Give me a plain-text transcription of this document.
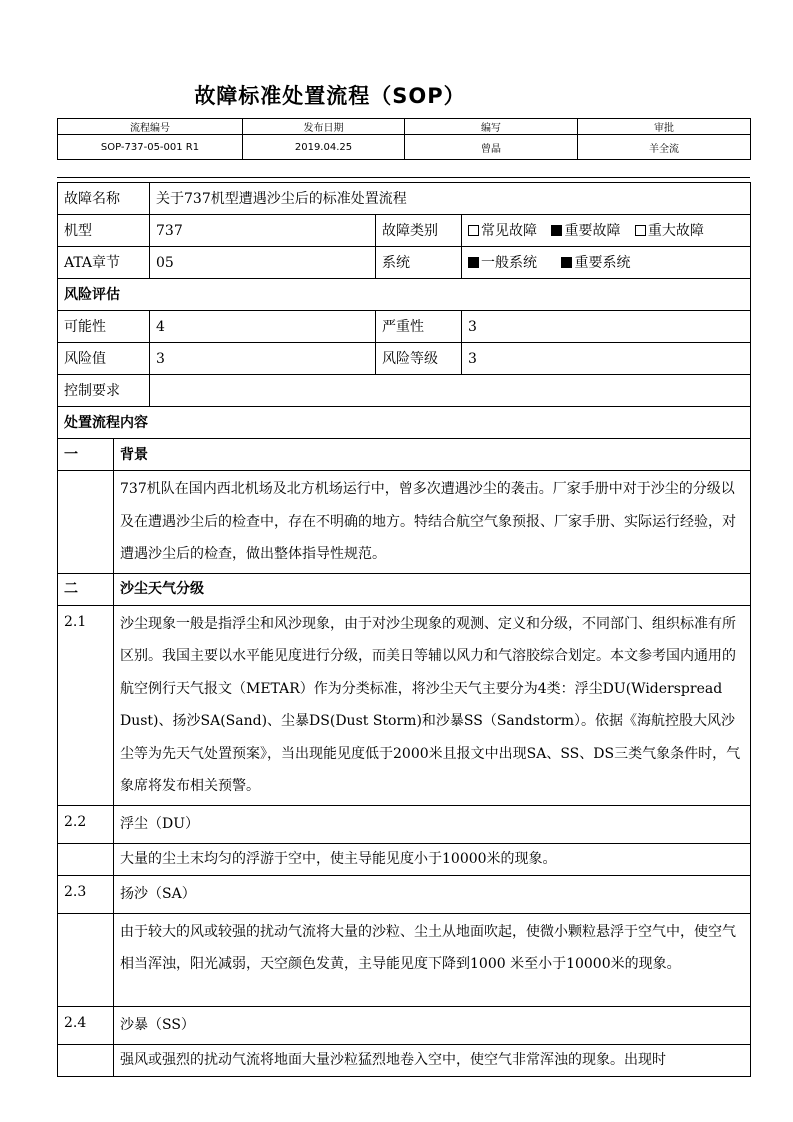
故障标准处置流程（SOP）
流程编号	发布日期	编写	审批
SOP-737-05-001 R1	2019.04.25	曾晶	羊全流
故障名称		关于737机型遭遇沙尘后的标准处置流程		
机型		737	故障类别	常见故障 重要故障 重大故障
ATA章节		05	系统	一般系统 重要系统
风险评估				
可能性		4	严重性	3
风险值		3	风险等级	3
控制要求				
处置流程内容				
一	背景			
	737机队在国内西北机场及北方机场运行中，曾多次遭遇沙尘的袭击。厂家手册中对于沙尘的分级以及在遭遇沙尘后的检查中，存在不明确的地方。特结合航空气象预报、厂家手册、实际运行经验，对遭遇沙尘后的检查，做出整体指导性规范。			
二	沙尘天气分级			
2.1	沙尘现象一般是指浮尘和风沙现象，由于对沙尘现象的观测、定义和分级，不同部门、组织标准有所区别。我国主要以水平能见度进行分级，而美日等辅以风力和气溶胶综合划定。本文参考国内通用的航空例行天气报文（METAR）作为分类标准，将沙尘天气主要分为4类：浮尘DU(Widerspread Dust)、扬沙SA(Sand)、尘暴DS(Dust Storm)和沙暴SS（Sandstorm）。依据《海航控股大风沙尘等为先天气处置预案》，当出现能见度低于2000米且报文中出现SA、SS、DS三类气象条件时，气象席将发布相关预警。			
2.2	浮尘（DU）			
	大量的尘土末均匀的浮游于空中，使主导能见度小于10000米的现象。			
2.3	扬沙（SA）			
	由于较大的风或较强的扰动气流将大量的沙粒、尘土从地面吹起，使微小颗粒悬浮于空气中，使空气相当浑浊，阳光减弱，天空颜色发黄，主导能见度下降到1000 米至小于10000米的现象。			
2.4	沙暴（SS）			
	强风或强烈的扰动气流将地面大量沙粒猛烈地卷入空中，使空气非常浑浊的现象。出现时			
